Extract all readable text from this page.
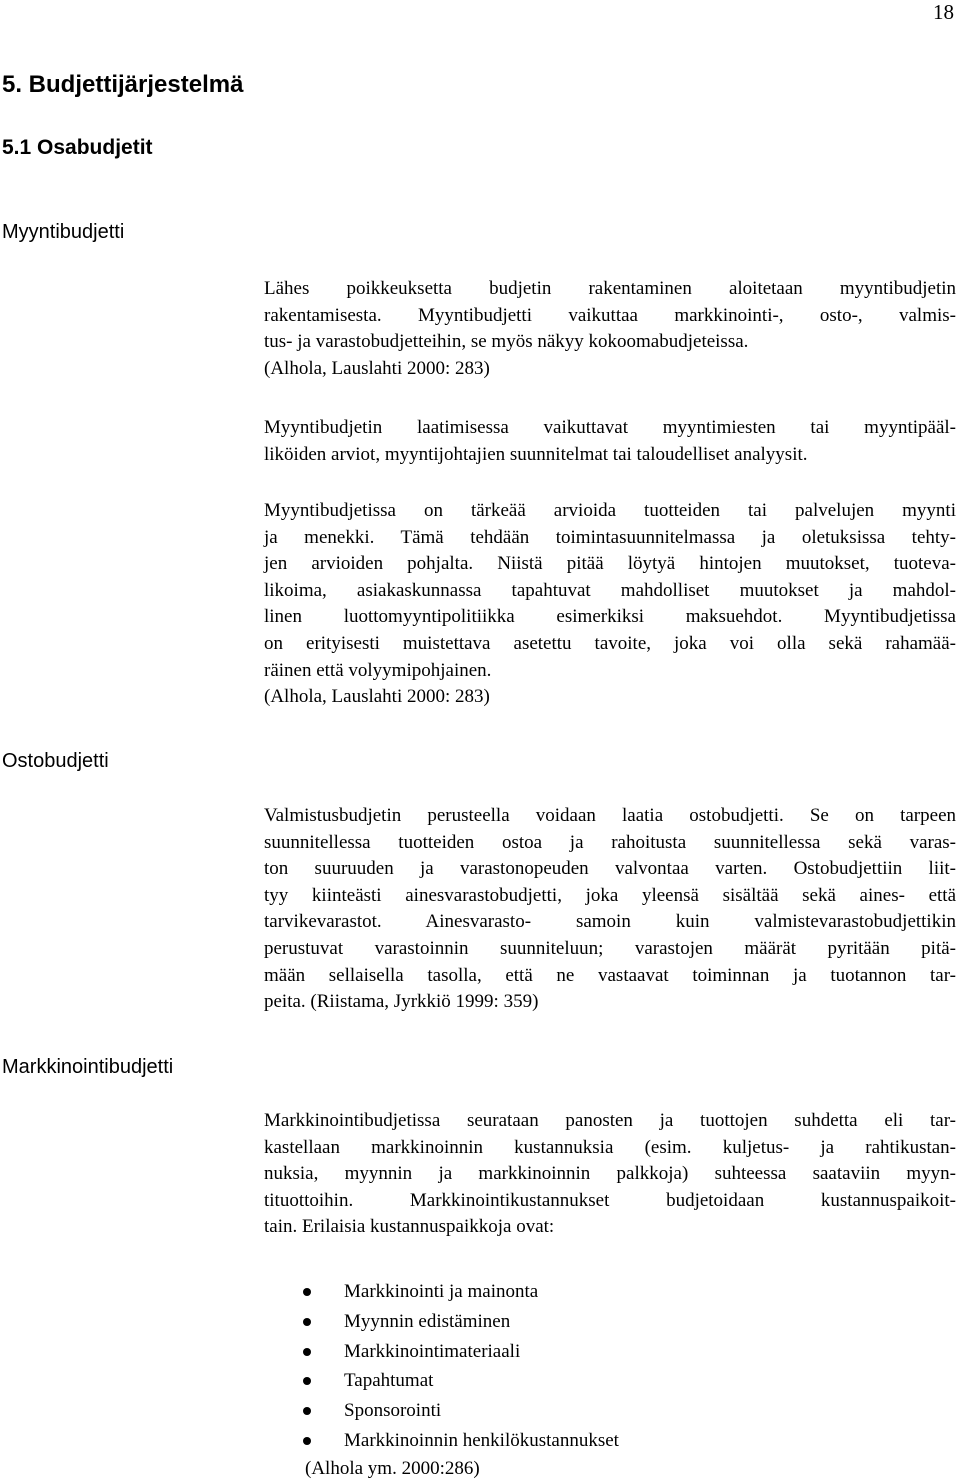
18
5. Budjettijärjestelmä
5.1 Osabudjetit
Myyntibudjetti
Lähes poikkeuksetta budjetin rakentaminen aloitetaan myyntibudjetin
rakentamisesta. Myyntibudjetti vaikuttaa markkinointi-, osto-, valmis-
tus- ja varastobudjetteihin, se myös näkyy kokoomabudjeteissa.
(Alhola, Lauslahti 2000: 283)
Myyntibudjetin laatimisessa vaikuttavat myyntimiesten tai myyntipääl-
liköiden arviot, myyntijohtajien suunnitelmat tai taloudelliset analyysit.
Myyntibudjetissa on tärkeää arvioida tuotteiden tai palvelujen myynti
ja menekki. Tämä tehdään toimintasuunnitelmassa ja oletuksissa tehty-
jen arvioiden pohjalta. Niistä pitää löytyä hintojen muutokset, tuoteva-
likoima, asiakaskunnassa tapahtuvat mahdolliset muutokset ja mahdol-
linen luottomyyntipolitiikka esimerkiksi maksuehdot. Myyntibudjetissa
on erityisesti muistettava asetettu tavoite, joka voi olla sekä rahamää-
räinen että volyymipohjainen.
(Alhola, Lauslahti 2000: 283)
Ostobudjetti
Valmistusbudjetin perusteella voidaan laatia ostobudjetti. Se on tarpeen
suunnitellessa tuotteiden ostoa ja rahoitusta suunnitellessa sekä varas-
ton suuruuden ja varastonopeuden valvontaa varten. Ostobudjettiin liit-
tyy kiinteästi ainesvarastobudjetti, joka yleensä sisältää sekä aines- että
tarvikevarastot. Ainesvarasto- samoin kuin valmistevarastobudjettikin
perustuvat varastoinnin suunniteluun; varastojen määrät pyritään pitä-
mään sellaisella tasolla, että ne vastaavat toiminnan ja tuotannon tar-
peita. (Riistama, Jyrkkiö 1999: 359)
Markkinointibudjetti
Markkinointibudjetissa seurataan panosten ja tuottojen suhdetta eli tar-
kastellaan markkinoinnin kustannuksia (esim. kuljetus- ja rahtikustan-
nuksia, myynnin ja markkinoinnin palkkoja) suhteessa saataviin myyn-
tituottoihin. Markkinointikustannukset budjetoidaan kustannuspaikoit-
tain. Erilaisia kustannuspaikkoja ovat:
Markkinointi ja mainonta
Myynnin edistäminen
Markkinointimateriaali
Tapahtumat
Sponsorointi
Markkinoinnin henkilökustannukset
(Alhola ym. 2000:286)
